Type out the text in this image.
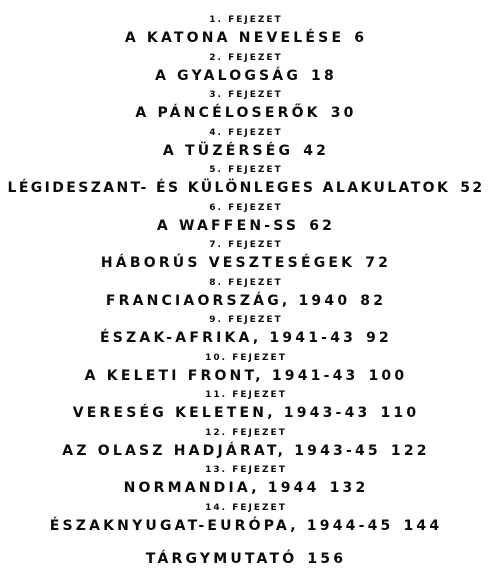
1. FEJEZET
A KATONA NEVELÉSE 6
2. FEJEZET
A GYALOGSÁG 18
3. FEJEZET
A PÁNCÉLOSERŐK 30
4. FEJEZET
A TÜZÉRSÉG 42
5. FEJEZET
LÉGIDESZANT- ÉS KÜLÖNLEGES ALAKULATOK 52
6. FEJEZET
A WAFFEN-SS 62
7. FEJEZET
HÁBORÚS VESZTESÉGEK 72
8. FEJEZET
FRANCIAORSZÁG, 1940 82
9. FEJEZET
ÉSZAK-AFRIKA, 1941-43 92
10. FEJEZET
A KELETI FRONT, 1941-43 100
11. FEJEZET
VERESÉG KELETEN, 1943-43 110
12. FEJEZET
AZ OLASZ HADJÁRAT, 1943-45 122
13. FEJEZET
NORMANDIA, 1944 132
14. FEJEZET
ÉSZAKNYUGAT-EURÓPA, 1944-45 144
TÁRGYMUTATÓ 156
